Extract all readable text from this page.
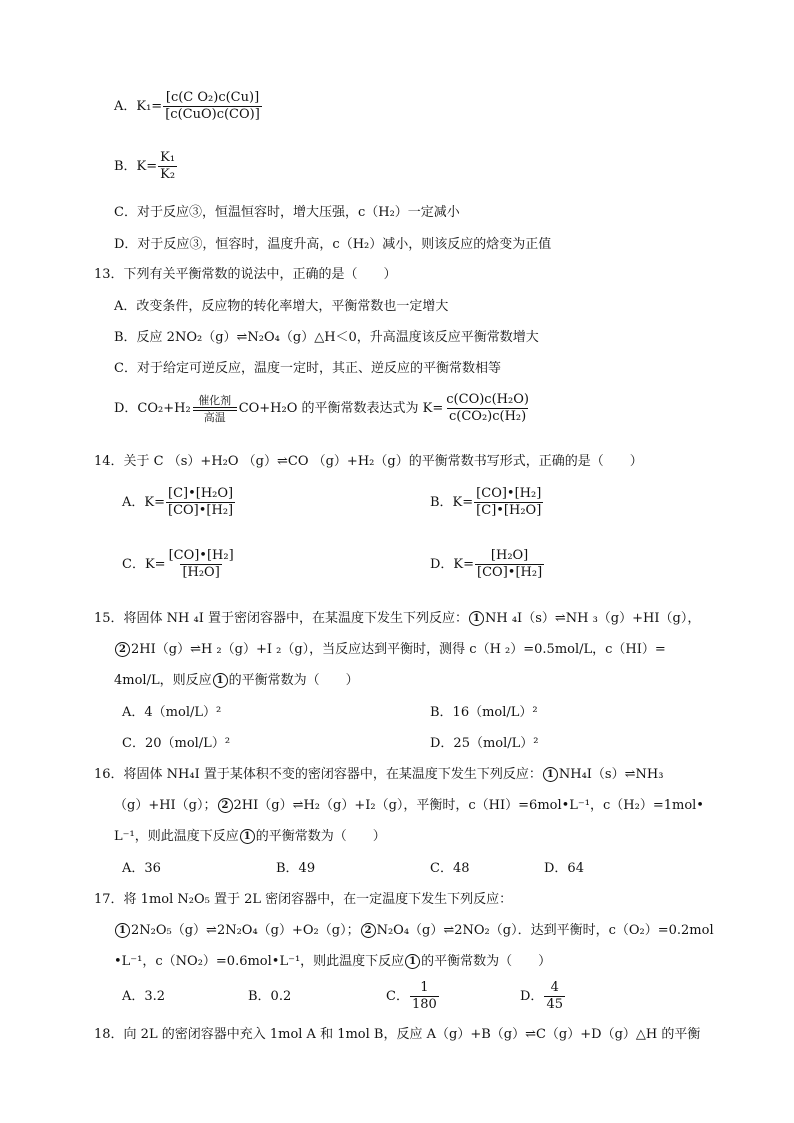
A．$K_1= \frac{\text{[c(C O₂)c(Cu)]}}{\text{[c(CuO)c(CO)]}}$
B．$K= \frac{\text{K₁}}{\text{K₂}}$
C．对于反应③，恒温恒容时，增大压强，c（H₂）一定减小
D．对于反应③，恒容时，温度升高，c（H₂）减小，则该反应的焓变为正值
13．下列有关平衡常数的说法中，正确的是（　　）
A．改变条件，反应物的转化率增大，平衡常数也一定增大
B．反应 2NO₂（g）⇌N₂O₄（g）△H＜0，升高温度该反应平衡常数增大
C．对于给定可逆反应，温度一定时，其正、逆反应的平衡常数相等
D．CO₂+H₂
催化剂
高温
CO+H₂O 的平衡常数表达式为 $K= \frac{\text{c(CO)c(H₂O)}}{\text{c(CO₂)c(H₂)}}$
14．关于 C （s）+H₂O （g）⇌CO （g）+H₂（g）的平衡常数书写形式，正确的是（　　）
A．$K= \frac{\text{[C]•[H₂O]}}{\text{[CO]•[H₂]}}$	B．$K= \frac{\text{[CO]•[H₂]}}{\text{[C]•[H₂O]}}$
C．$K= \frac{\text{[CO]•[H₂]}}{\text{[H₂O]}}$	D．$K= \frac{\text{[H₂O]}}{\text{[CO]•[H₂]}}$
15．将固体 NH ₄I 置于密闭容器中，在某温度下发生下列反应： 1 NH ₄I（s）⇌NH ₃（g）+HI（g），
2 2HI（g）⇌H ₂（g）+I ₂（g），当反应达到平衡时，测得 c（H ₂）=0.5mol/L，c（HI）=
4mol/L，则反应 1 的平衡常数为（　　）
A．4（mol/L）²	B．16（mol/L）²
C．20（mol/L）²	D．25（mol/L）²
16．将固体 NH₄I 置于某体积不变的密闭容器中，在某温度下发生下列反应： 1 NH₄I（s）⇌NH₃
（g）+HI（g）； 2 2HI（g）⇌H₂（g）+I₂（g），平衡时，c（HI）=6mol•L⁻¹，c（H₂）=1mol•
L⁻¹，则此温度下反应 1 的平衡常数为（　　）
A．36	B．49	C．48	D．64
17．将 1mol N₂O₅ 置于 2L 密闭容器中，在一定温度下发生下列反应：
1 2N₂O₅（g）⇌2N₂O₄（g）+O₂（g）； 2 N₂O₄（g）⇌2NO₂（g）．达到平衡时，c（O₂）=0.2mol
•L⁻¹，c（NO₂）=0.6mol•L⁻¹，则此温度下反应 1 的平衡常数为（　　）
A．3.2	B．0.2	C． $\frac{1}{180}$	D． $\frac{4}{45}$
18．向 2L 的密闭容器中充入 1mol A 和 1mol B，反应 A（g）+B（g）⇌C（g）+D（g）△H 的平衡
